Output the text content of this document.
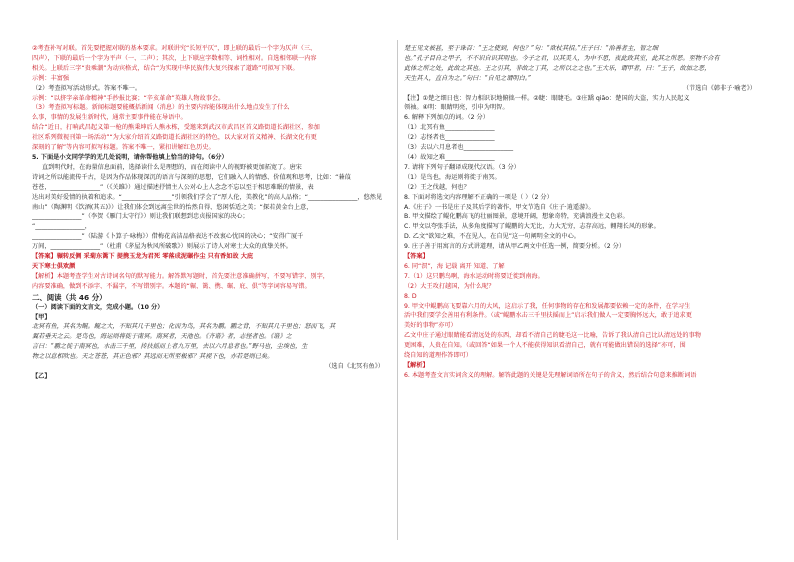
②考查补写对联。首先要把握对联的基本要求。对联讲究“长短平仄”，即上联的最后一个字为仄声（三、
四声），下联的最后一个字为平声（一、二声）；其次，上下联应字数相等、词性相对。自选相邻联一内容
相关。上联后三字“贵乘潮”为动宾格式，结合“为实现中华民族伟大复兴探索了道路”可拟写下联。
示例：丰富强
（2）考查拟写活动形式。答案不唯一。
示例：“以挤字亲革命精神”手抄报比赛；“辛亥革命”英雄人物故事会。
（3）考查拟写标题。新闻标题要能概括新闻（消息）的主要内容能体现出什么地点发生了什么
么事，事情的发展生新时代，通常主要事件能在导语中。
结合“近日，打响武昌起义第一枪的熊秉坤后人熊永栋，受邀来到武汉市武昌区首义路街道长湖社区，参加
社区系列微视刊第一场活动”“为大家介绍首义路街道长湖社区的特色，以大家对首义精神、长湖文化有更
深刻的了解”等内容可拟写标题。答案不唯一，紧扣讲解红色历史。
5. 下面是小文同学学的无几处说明，请你帮他填上恰当的诗句。（6分）
直到明代时，在海量信息面前，选择读什么是理想的，而在阅读中人的视野被更加拓宽了。唐宋
诗词之所以能流传千古，是因为作品体现深沉的语言与深刻的思想，它们融入人的情感、价值观和思考，比如：“蒹葭
苍苍，________________”（《关雎》）通过描述抒情主人公对心上人念念不忘以至于相思难眠的情景，表
达出对美好爱情的执着和追求。“________________”引领我们学会了“厚人伦，美教化”的高人品格；“________________，悠然见
南山”（陶渊明《饮酒(其五)》）让我们体会到远离尘世的怡然自得、悠闲恬适之美；“探若黄金台上意，
________________”（李贺《雁门太守行》）则让我们联想到忠贞报国家的决心；
“________________，
________________”（陆游《卜算子·咏梅》）借梅花高洁品格表达不改衷心忧国的决心；“安得广厦千
万间，________________”（杜甫《茅屋为秋风所破歌》）则展示了诗人对寒士大众的真挚关怀。
【答案】辗转反侧 采菊东篱下 提携玉龙为君死 零落成泥碾作尘 只有香如故 大庇
天下寒士俱欢颜
【解析】本题考查学生对古诗词名句的默写能力。解答默写题时，首先要注意准确拼写，不要写错字、别字，
内容要准确，做到不添字、不漏字，不写错别字。本题的“辗、篱、携、碾、庇、俱”等字词容易写错。
二、阅读（共 46 分）
（一）阅读下面的文言文，完成小题。（10 分）
【甲】
北冥有鱼，其名为鲲。鲲之大，不知其几千里也；化而为鸟，其名为鹏。鹏之背，不知其几千里也；怒而飞，其
翼若垂天之云。是鸟也，海运则将徙于南冥。南冥者，天池也。《齐谐》者，志怪者也。《谐》之
言曰：“鹏之徙于南冥也，水击三千里，抟扶摇而上者九万里，去以六月息者也。”野马也，尘埃也，生
物之以息相吹也。天之苍苍，其正色邪？其远而无所至极邪？其视下也，亦若是则已矣。
（选自《北冥有鱼》）
【乙】
楚王见文被甚，至于诛召：“王之使到，何也？”句：“欲杖其招。”庄子曰：“治善者主，智之细
也。”孔子目自之甲子，不不识自识其明也。今子之君，以其美人，为中不思，夜此致其室，此其之所恶。至物不合有
此体之所之处，此故之其也。王之引其，非故之丁其，之所以之之也。”王大乐，谓甲者，曰：“王子，故加之恶，
天生其人，直自为之。”句曰：“自见之谓明白。”
（节选自《韩非子·喻老》）
【注】①楚之细日也：智力相识识地俯拙一样。②睫：眼睫毛。③庄蹻 qiāo：楚国的大盗，实力人民起义
领袖。④明：眼睛明亮，引申为明智。
6. 解释下列加点的词。（2 分）
（1）北冥有鱼________________
（2）志怪者也________________
（3）去以六月息者也________________
（4）故知之难________________
7. 请将下列句子翻译成现代汉语。（3 分）
（1）是鸟也，海运则将徙于南冥。
（2）王之伐越，何也？
8. 下面对将选文内容理解不正确的一项是（ ）（2 分）
A.《庄子》一书是庄子及其后学的著作，甲文节选自《庄子·逍遥游》。
B. 甲文描绘了鲲化鹏高飞的壮丽图景，意境开阔，想象奇特，充满浪漫主义色彩。
C. 甲文以夸张手法，从多角度描写了鲲鹏的大无比，力大无穷，志存高远，翱翔长风的形象。
D. 乙文“欲知之难，不在见人，在自见”这一句阐明全文的中心。
9. 庄子善于用寓言的方式讲道理，请从甲乙两文中任选一例，简要分析。（2 分）
【答案】
6. 同“溟”，海 记载 离开 知道、了解
7.（1）这只鹏鸟啊，海水运动时将要迁徙到南海。
（2）大王攻打越国，为什么呢？
8. D
9. 甲文中鲲鹏高飞要靠六月的大风，这启示了我，任何事物的存在和发展都要依赖一定的条件，在学习生
活中我们要学会善用有利条件。（或“鲲鹏水击三千里扶摇而上”启示我们做人一定要胸怀远大，敢于追求更
美好的事物”亦可）
乙文中庄子通过眼睛能看清远处的东西，却看不清自己的睫毛这一比喻，告诉了我认清自己比认清远处的事物
更困难，人贵在自知。（或回答“如果一个人不能获得知识看清自己，就有可能做出错误的选择”亦可，围
绕自知的道理作答即可）
【解析】
6. 本题考查文言实词含义的理解。解答此题的关键是先理解词语所在句子的含义，然后结合句意来推断词语
